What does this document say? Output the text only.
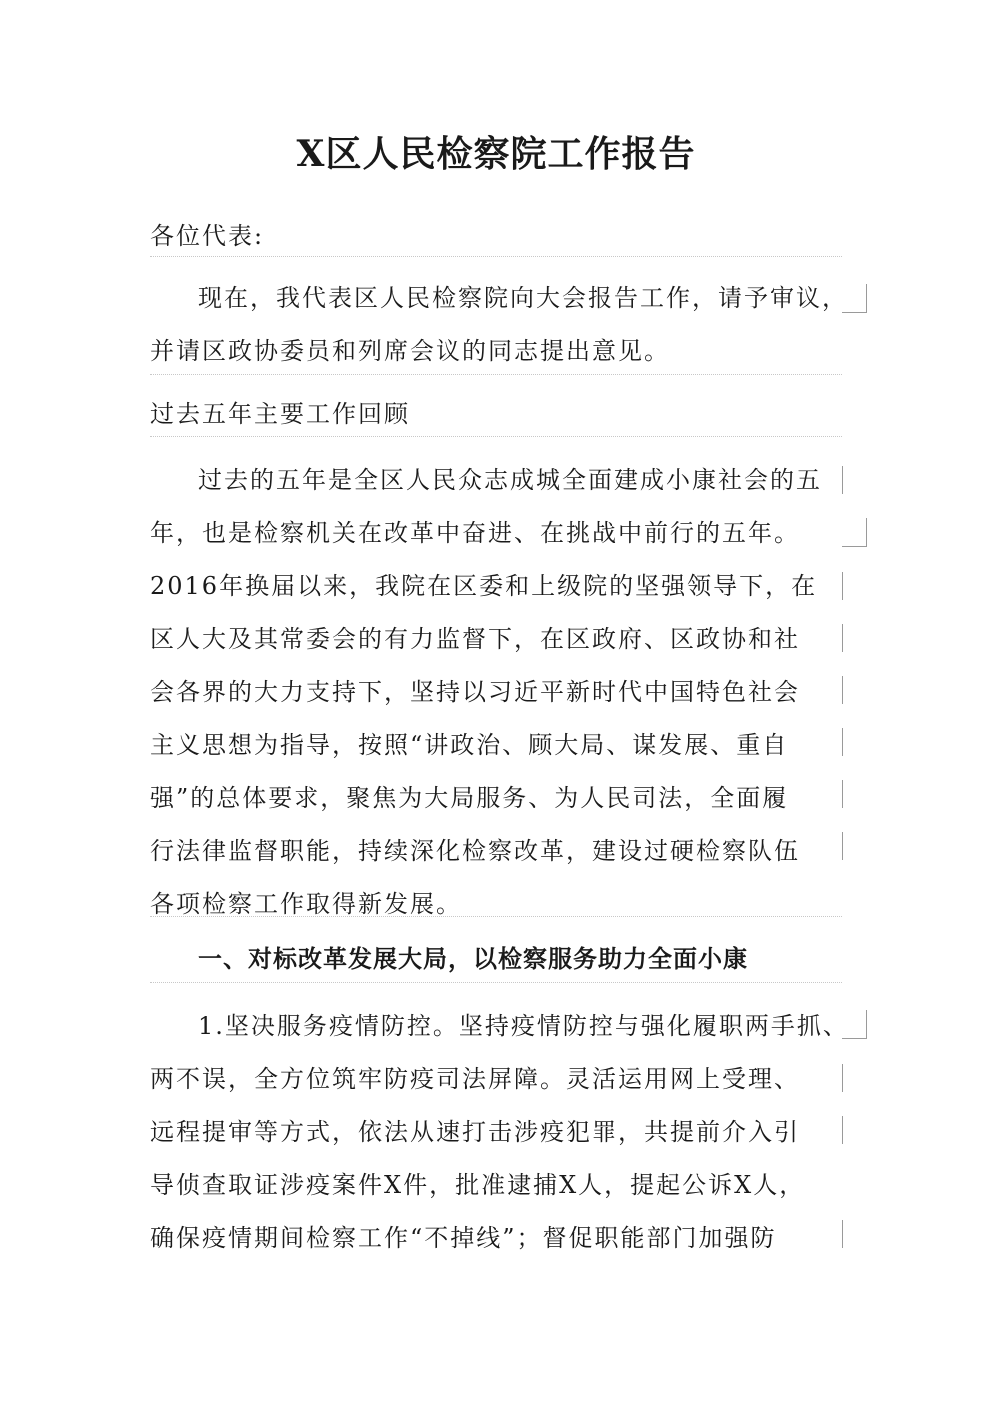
X区人民检察院工作报告
各位代表:
现在，我代表区人民检察院向大会报告工作，请予审议，
并请区政协委员和列席会议的同志提出意见。
过去五年主要工作回顾
过去的五年是全区人民众志成城全面建成小康社会的五
年，也是检察机关在改革中奋进、在挑战中前行的五年。
2016年换届以来，我院在区委和上级院的坚强领导下，在
区人大及其常委会的有力监督下，在区政府、区政协和社
会各界的大力支持下，坚持以习近平新时代中国特色社会
主义思想为指导，按照“讲政治、顾大局、谋发展、重自
强”的总体要求，聚焦为大局服务、为人民司法，全面履
行法律监督职能，持续深化检察改革，建设过硬检察队伍
各项检察工作取得新发展。
一、对标改革发展大局，以检察服务助力全面小康
1.坚决服务疫情防控。坚持疫情防控与强化履职两手抓、
两不误，全方位筑牢防疫司法屏障。灵活运用网上受理、
远程提审等方式，依法从速打击涉疫犯罪，共提前介入引
导侦查取证涉疫案件X件，批准逮捕X人，提起公诉X人，
确保疫情期间检察工作“不掉线”；督促职能部门加强防
